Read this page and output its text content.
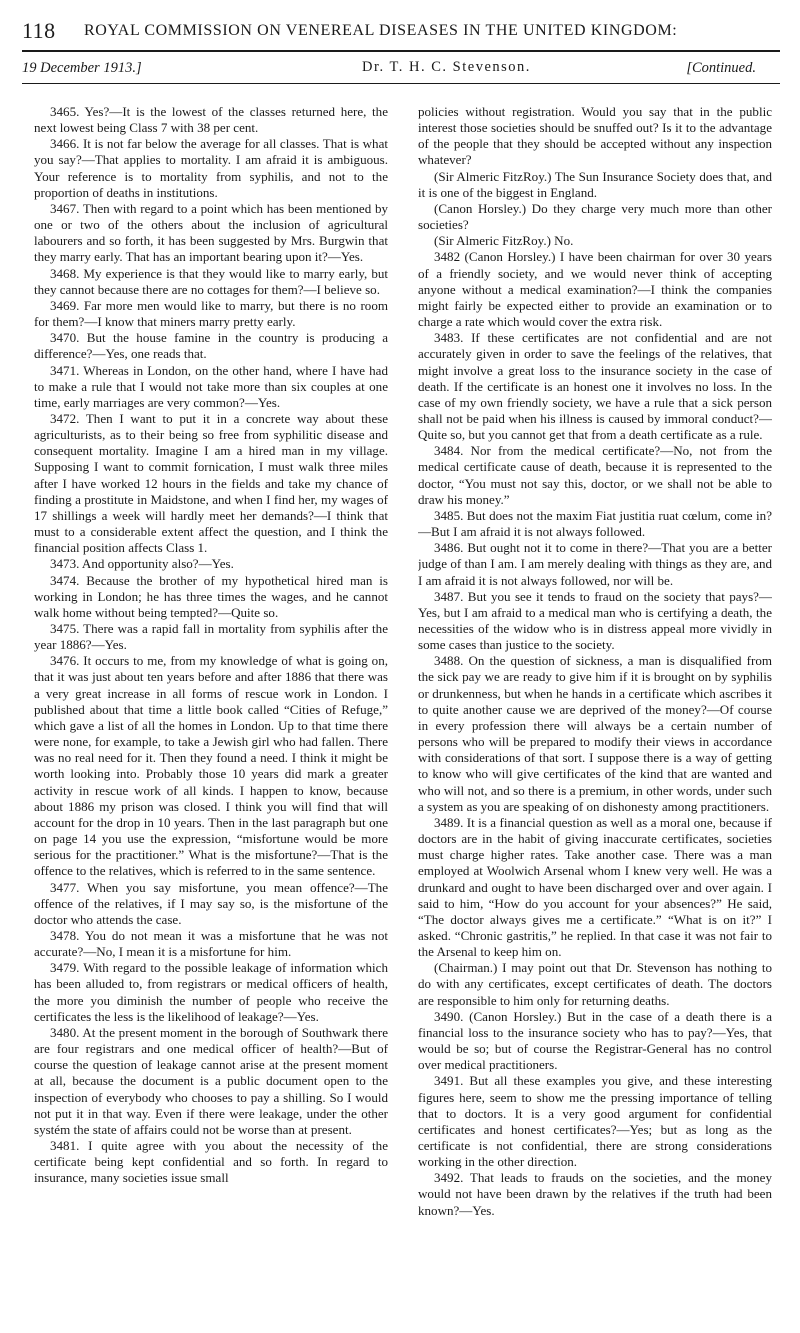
118 ROYAL COMMISSION ON VENEREAL DISEASES IN THE UNITED KINGDOM:
19 December 1913.]	Dr. T. H. C. Stevenson.	[Continued.

3465. Yes?—It is the lowest of the classes returned here, the next lowest being Class 7 with 38 per cent.

3466. It is not far below the average for all classes. That is what you say?—That applies to mortality. I am afraid it is ambiguous. Your reference is to mortality from syphilis, and not to the proportion of deaths in institutions.

3467. Then with regard to a point which has been mentioned by one or two of the others about the inclusion of agricultural labourers and so forth, it has been suggested by Mrs. Burgwin that they marry early. That has an important bearing upon it?—Yes.

3468. My experience is that they would like to marry early, but they cannot because there are no cottages for them?—I believe so.

3469. Far more men would like to marry, but there is no room for them?—I know that miners marry pretty early.

3470. But the house famine in the country is producing a difference?—Yes, one reads that.

3471. Whereas in London, on the other hand, where I have had to make a rule that I would not take more than six couples at one time, early marriages are very common?—Yes.

3472. Then I want to put it in a concrete way about these agriculturists, as to their being so free from syphilitic disease and consequent mortality. Imagine I am a hired man in my village. Supposing I want to commit fornication, I must walk three miles after I have worked 12 hours in the fields and take my chance of finding a prostitute in Maidstone, and when I find her, my wages of 17 shillings a week will hardly meet her demands?—I think that must to a considerable extent affect the question, and I think the financial position affects Class 1.

3473. And opportunity also?—Yes.

3474. Because the brother of my hypothetical hired man is working in London; he has three times the wages, and he cannot walk home without being tempted?—Quite so.

3475. There was a rapid fall in mortality from syphilis after the year 1886?—Yes.

3476. It occurs to me, from my knowledge of what is going on, that it was just about ten years before and after 1886 that there was a very great increase in all forms of rescue work in London. I published about that time a little book called “Cities of Refuge,” which gave a list of all the homes in London. Up to that time there were none, for example, to take a Jewish girl who had fallen. There was no real need for it. Then they found a need. I think it might be worth looking into. Probably those 10 years did mark a greater activity in rescue work of all kinds. I happen to know, because about 1886 my prison was closed. I think you will find that will account for the drop in 10 years. Then in the last paragraph but one on page 14 you use the expression, “misfortune would be more serious for the practitioner.” What is the misfortune?—That is the offence to the relatives, which is referred to in the same sentence.

3477. When you say misfortune, you mean offence?—The offence of the relatives, if I may say so, is the misfortune of the doctor who attends the case.

3478. You do not mean it was a misfortune that he was not accurate?—No, I mean it is a misfortune for him.

3479. With regard to the possible leakage of information which has been alluded to, from registrars or medical officers of health, the more you diminish the number of people who receive the certificates the less is the likelihood of leakage?—Yes.

3480. At the present moment in the borough of Southwark there are four registrars and one medical officer of health?—But of course the question of leakage cannot arise at the present moment at all, because the document is a public document open to the inspection of everybody who chooses to pay a shilling. So I would not put it in that way. Even if there were leakage, under the other systém the state of affairs could not be worse than at present.

3481. I quite agree with you about the necessity of the certificate being kept confidential and so forth. In regard to insurance, many societies issue small

policies without registration. Would you say that in the public interest those societies should be snuffed out? Is it to the advantage of the people that they should be accepted without any inspection whatever?

(Sir Almeric FitzRoy.) The Sun Insurance Society does that, and it is one of the biggest in England.

(Canon Horsley.) Do they charge very much more than other societies?

(Sir Almeric FitzRoy.) No.

3482 (Canon Horsley.) I have been chairman for over 30 years of a friendly society, and we would never think of accepting anyone without a medical examination?—I think the companies might fairly be expected either to provide an examination or to charge a rate which would cover the extra risk.

3483. If these certificates are not confidential and are not accurately given in order to save the feelings of the relatives, that might involve a great loss to the insurance society in the case of death. If the certificate is an honest one it involves no loss. In the case of my own friendly society, we have a rule that a sick person shall not be paid when his illness is caused by immoral conduct?—Quite so, but you cannot get that from a death certificate as a rule.

3484. Nor from the medical certificate?—No, not from the medical certificate cause of death, because it is represented to the doctor, “You must not say this, doctor, or we shall not be able to draw his money.”

3485. But does not the maxim Fiat justitia ruat cœlum, come in?—But I am afraid it is not always followed.

3486. But ought not it to come in there?—That you are a better judge of than I am. I am merely dealing with things as they are, and I am afraid it is not always followed, nor will be.

3487. But you see it tends to fraud on the society that pays?—Yes, but I am afraid to a medical man who is certifying a death, the necessities of the widow who is in distress appeal more vividly in some cases than justice to the society.

3488. On the question of sickness, a man is disqualified from the sick pay we are ready to give him if it is brought on by syphilis or drunkenness, but when he hands in a certificate which ascribes it to quite another cause we are deprived of the money?—Of course in every profession there will always be a certain number of persons who will be prepared to modify their views in accordance with considerations of that sort. I suppose there is a way of getting to know who will give certificates of the kind that are wanted and who will not, and so there is a premium, in other words, under such a system as you are speaking of on dishonesty among practitioners.

3489. It is a financial question as well as a moral one, because if doctors are in the habit of giving inaccurate certificates, societies must charge higher rates. Take another case. There was a man employed at Woolwich Arsenal whom I knew very well. He was a drunkard and ought to have been discharged over and over again. I said to him, “How do you account for your absences?” He said, “The doctor always gives me a certificate.” “What is on it?” I asked. “Chronic gastritis,” he replied. In that case it was not fair to the Arsenal to keep him on.

(Chairman.) I may point out that Dr. Stevenson has nothing to do with any certificates, except certificates of death. The doctors are responsible to him only for returning deaths.

3490. (Canon Horsley.) But in the case of a death there is a financial loss to the insurance society who has to pay?—Yes, that would be so; but of course the Registrar-General has no control over medical practitioners.

3491. But all these examples you give, and these interesting figures here, seem to show me the pressing importance of telling that to doctors. It is a very good argument for confidential certificates and honest certificates?—Yes; but as long as the certificate is not confidential, there are strong considerations working in the other direction.

3492. That leads to frauds on the societies, and the money would not have been drawn by the relatives if the truth had been known?—Yes.
